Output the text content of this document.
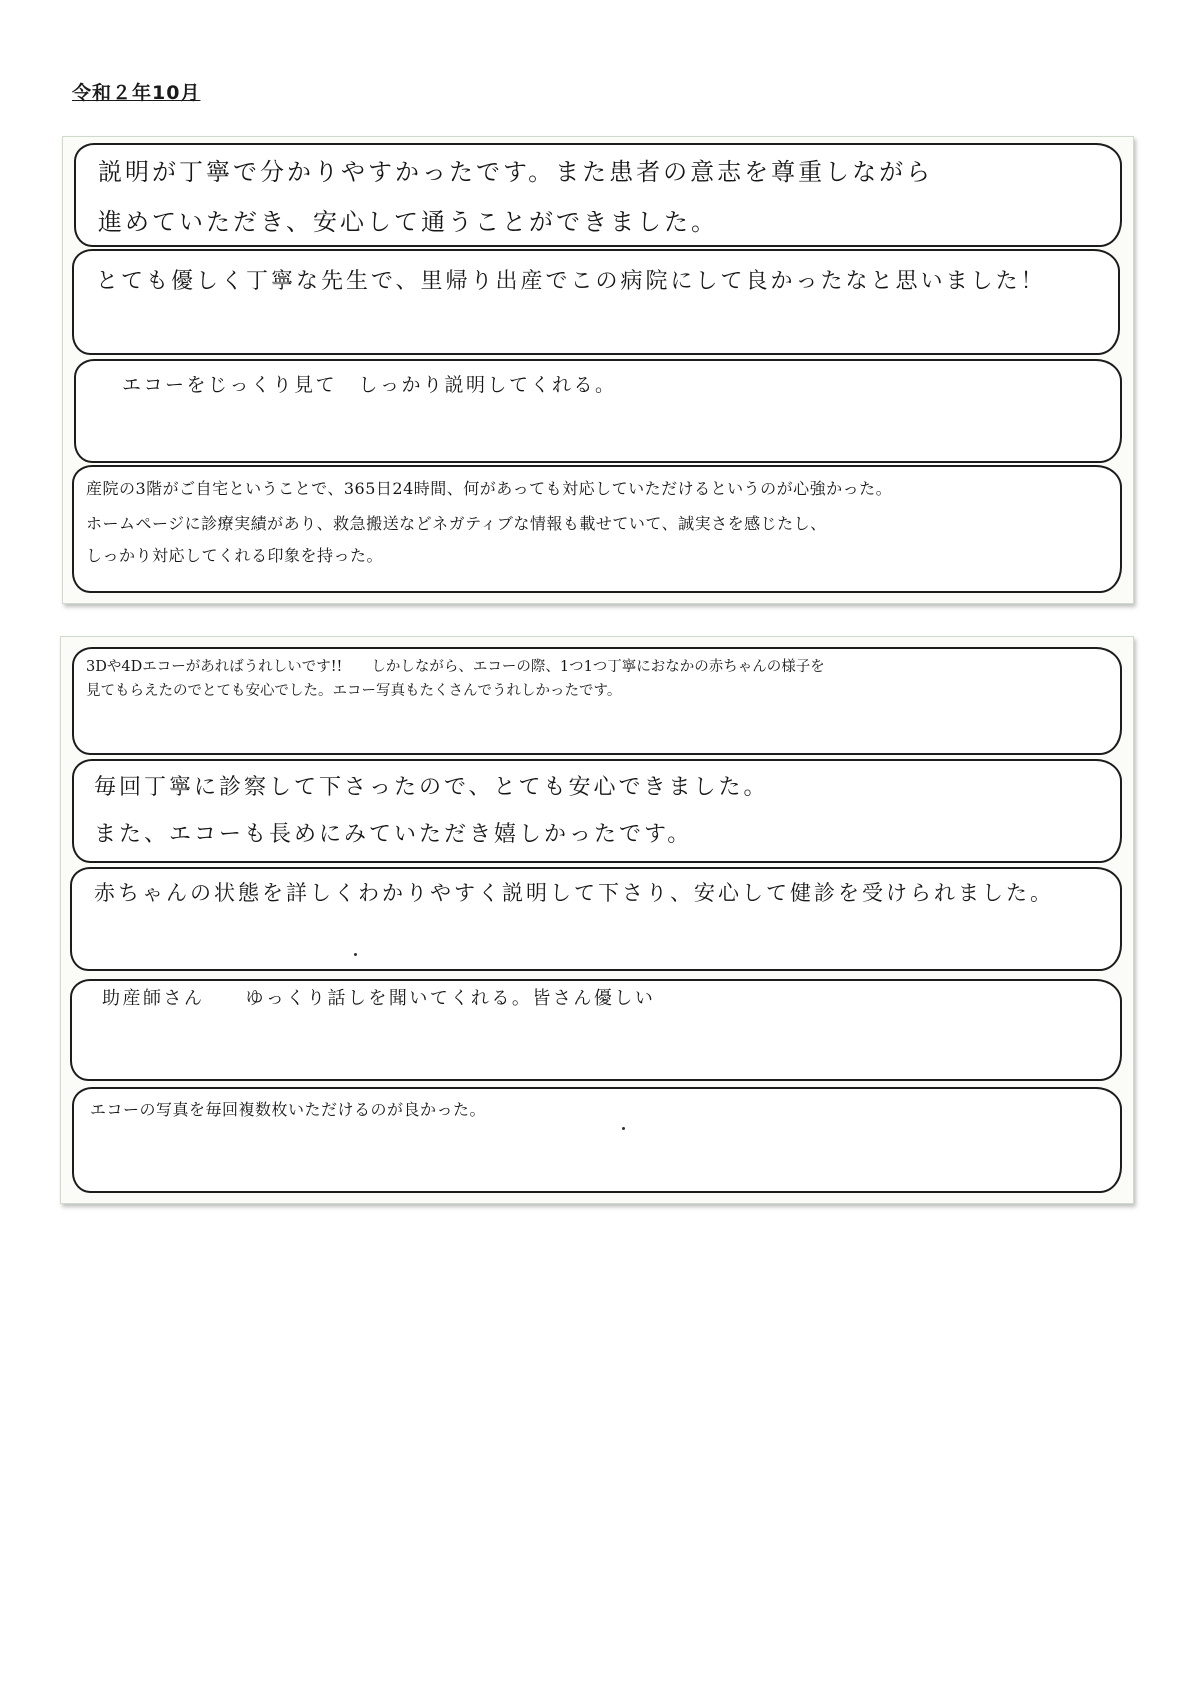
令和２年10月

説明が丁寧で分かりやすかったです。また患者の意志を尊重しながら

進めていただき、安心して通うことができました。

とても優しく丁寧な先生で、里帰り出産でこの病院にして良かったなと思いました！

エコーをじっくり見て　しっかり説明してくれる。

産院の3階がご自宅ということで、365日24時間、何があっても対応していただけるというのが心強かった。

ホームページに診療実績があり、救急搬送などネガティブな情報も載せていて、誠実さを感じたし、

しっかり対応してくれる印象を持った。

3Dや4Dエコーがあればうれしいです!!　　しかしながら、エコーの際、1つ1つ丁寧におなかの赤ちゃんの様子を

見てもらえたのでとても安心でした。エコー写真もたくさんでうれしかったです。

毎回丁寧に診察して下さったので、とても安心できました。

また、エコーも長めにみていただき嬉しかったです。

赤ちゃんの状態を詳しくわかりやすく説明して下さり、安心して健診を受けられました。

助産師さん　　ゆっくり話しを聞いてくれる。皆さん優しい

エコーの写真を毎回複数枚いただけるのが良かった。
